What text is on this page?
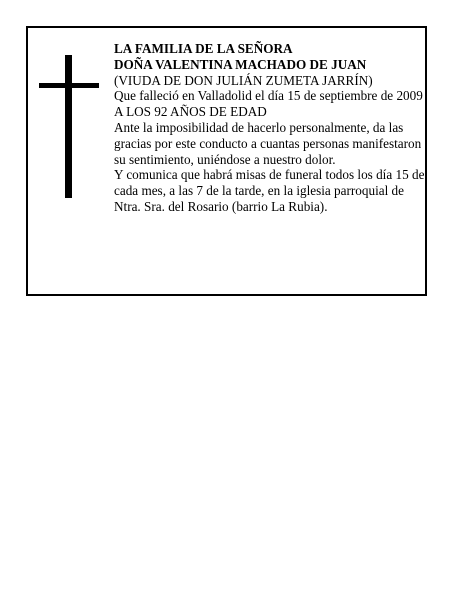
LA FAMILIA DE LA SEÑORA

DOÑA VALENTINA MACHADO DE JUAN

(VIUDA DE DON JULIÁN ZUMETA JARRÍN)

Que falleció en Valladolid el día 15 de septiembre de 2009

A LOS 92 AÑOS DE EDAD

Ante la imposibilidad de hacerlo personalmente, da las gracias por este conducto a cuantas personas manifestaron su sentimiento, uniéndose a nuestro dolor.

Y comunica que habrá misas de funeral todos los día 15 de cada mes, a las 7 de la tarde, en la iglesia parroquial de Ntra. Sra. del Rosario (barrio La Rubia).
